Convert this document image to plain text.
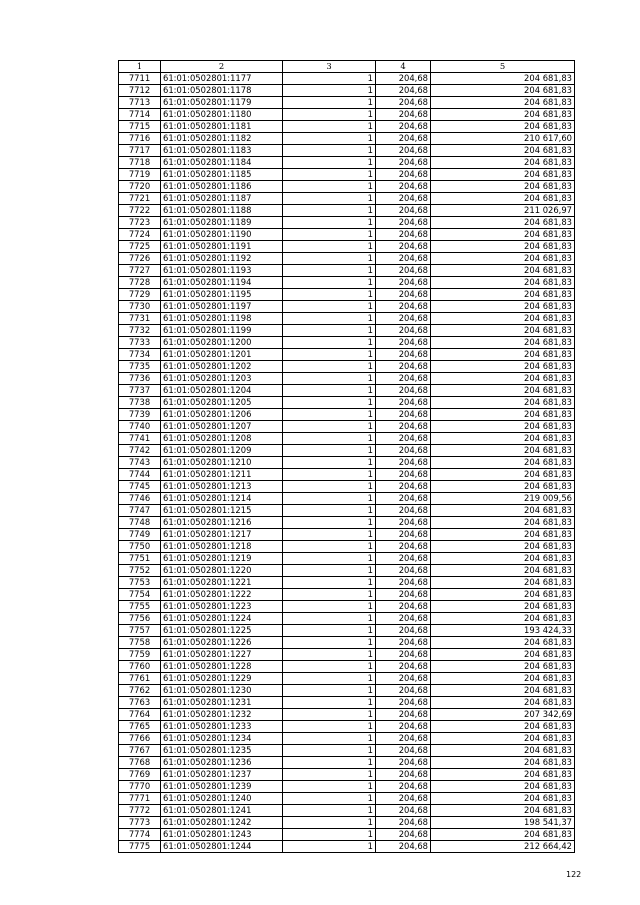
1	2	3	4	5
7711	61:01:0502801:1177	1	204,68	204 681,83
7712	61:01:0502801:1178	1	204,68	204 681,83
7713	61:01:0502801:1179	1	204,68	204 681,83
7714	61:01:0502801:1180	1	204,68	204 681,83
7715	61:01:0502801:1181	1	204,68	204 681,83
7716	61:01:0502801:1182	1	204,68	210 617,60
7717	61:01:0502801:1183	1	204,68	204 681,83
7718	61:01:0502801:1184	1	204,68	204 681,83
7719	61:01:0502801:1185	1	204,68	204 681,83
7720	61:01:0502801:1186	1	204,68	204 681,83
7721	61:01:0502801:1187	1	204,68	204 681,83
7722	61:01:0502801:1188	1	204,68	211 026,97
7723	61:01:0502801:1189	1	204,68	204 681,83
7724	61:01:0502801:1190	1	204,68	204 681,83
7725	61:01:0502801:1191	1	204,68	204 681,83
7726	61:01:0502801:1192	1	204,68	204 681,83
7727	61:01:0502801:1193	1	204,68	204 681,83
7728	61:01:0502801:1194	1	204,68	204 681,83
7729	61:01:0502801:1195	1	204,68	204 681,83
7730	61:01:0502801:1197	1	204,68	204 681,83
7731	61:01:0502801:1198	1	204,68	204 681,83
7732	61:01:0502801:1199	1	204,68	204 681,83
7733	61:01:0502801:1200	1	204,68	204 681,83
7734	61:01:0502801:1201	1	204,68	204 681,83
7735	61:01:0502801:1202	1	204,68	204 681,83
7736	61:01:0502801:1203	1	204,68	204 681,83
7737	61:01:0502801:1204	1	204,68	204 681,83
7738	61:01:0502801:1205	1	204,68	204 681,83
7739	61:01:0502801:1206	1	204,68	204 681,83
7740	61:01:0502801:1207	1	204,68	204 681,83
7741	61:01:0502801:1208	1	204,68	204 681,83
7742	61:01:0502801:1209	1	204,68	204 681,83
7743	61:01:0502801:1210	1	204,68	204 681,83
7744	61:01:0502801:1211	1	204,68	204 681,83
7745	61:01:0502801:1213	1	204,68	204 681,83
7746	61:01:0502801:1214	1	204,68	219 009,56
7747	61:01:0502801:1215	1	204,68	204 681,83
7748	61:01:0502801:1216	1	204,68	204 681,83
7749	61:01:0502801:1217	1	204,68	204 681,83
7750	61:01:0502801:1218	1	204,68	204 681,83
7751	61:01:0502801:1219	1	204,68	204 681,83
7752	61:01:0502801:1220	1	204,68	204 681,83
7753	61:01:0502801:1221	1	204,68	204 681,83
7754	61:01:0502801:1222	1	204,68	204 681,83
7755	61:01:0502801:1223	1	204,68	204 681,83
7756	61:01:0502801:1224	1	204,68	204 681,83
7757	61:01:0502801:1225	1	204,68	193 424,33
7758	61:01:0502801:1226	1	204,68	204 681,83
7759	61:01:0502801:1227	1	204,68	204 681,83
7760	61:01:0502801:1228	1	204,68	204 681,83
7761	61:01:0502801:1229	1	204,68	204 681,83
7762	61:01:0502801:1230	1	204,68	204 681,83
7763	61:01:0502801:1231	1	204,68	204 681,83
7764	61:01:0502801:1232	1	204,68	207 342,69
7765	61:01:0502801:1233	1	204,68	204 681,83
7766	61:01:0502801:1234	1	204,68	204 681,83
7767	61:01:0502801:1235	1	204,68	204 681,83
7768	61:01:0502801:1236	1	204,68	204 681,83
7769	61:01:0502801:1237	1	204,68	204 681,83
7770	61:01:0502801:1239	1	204,68	204 681,83
7771	61:01:0502801:1240	1	204,68	204 681,83
7772	61:01:0502801:1241	1	204,68	204 681,83
7773	61:01:0502801:1242	1	204,68	198 541,37
7774	61:01:0502801:1243	1	204,68	204 681,83
7775	61:01:0502801:1244	1	204,68	212 664,42
122
